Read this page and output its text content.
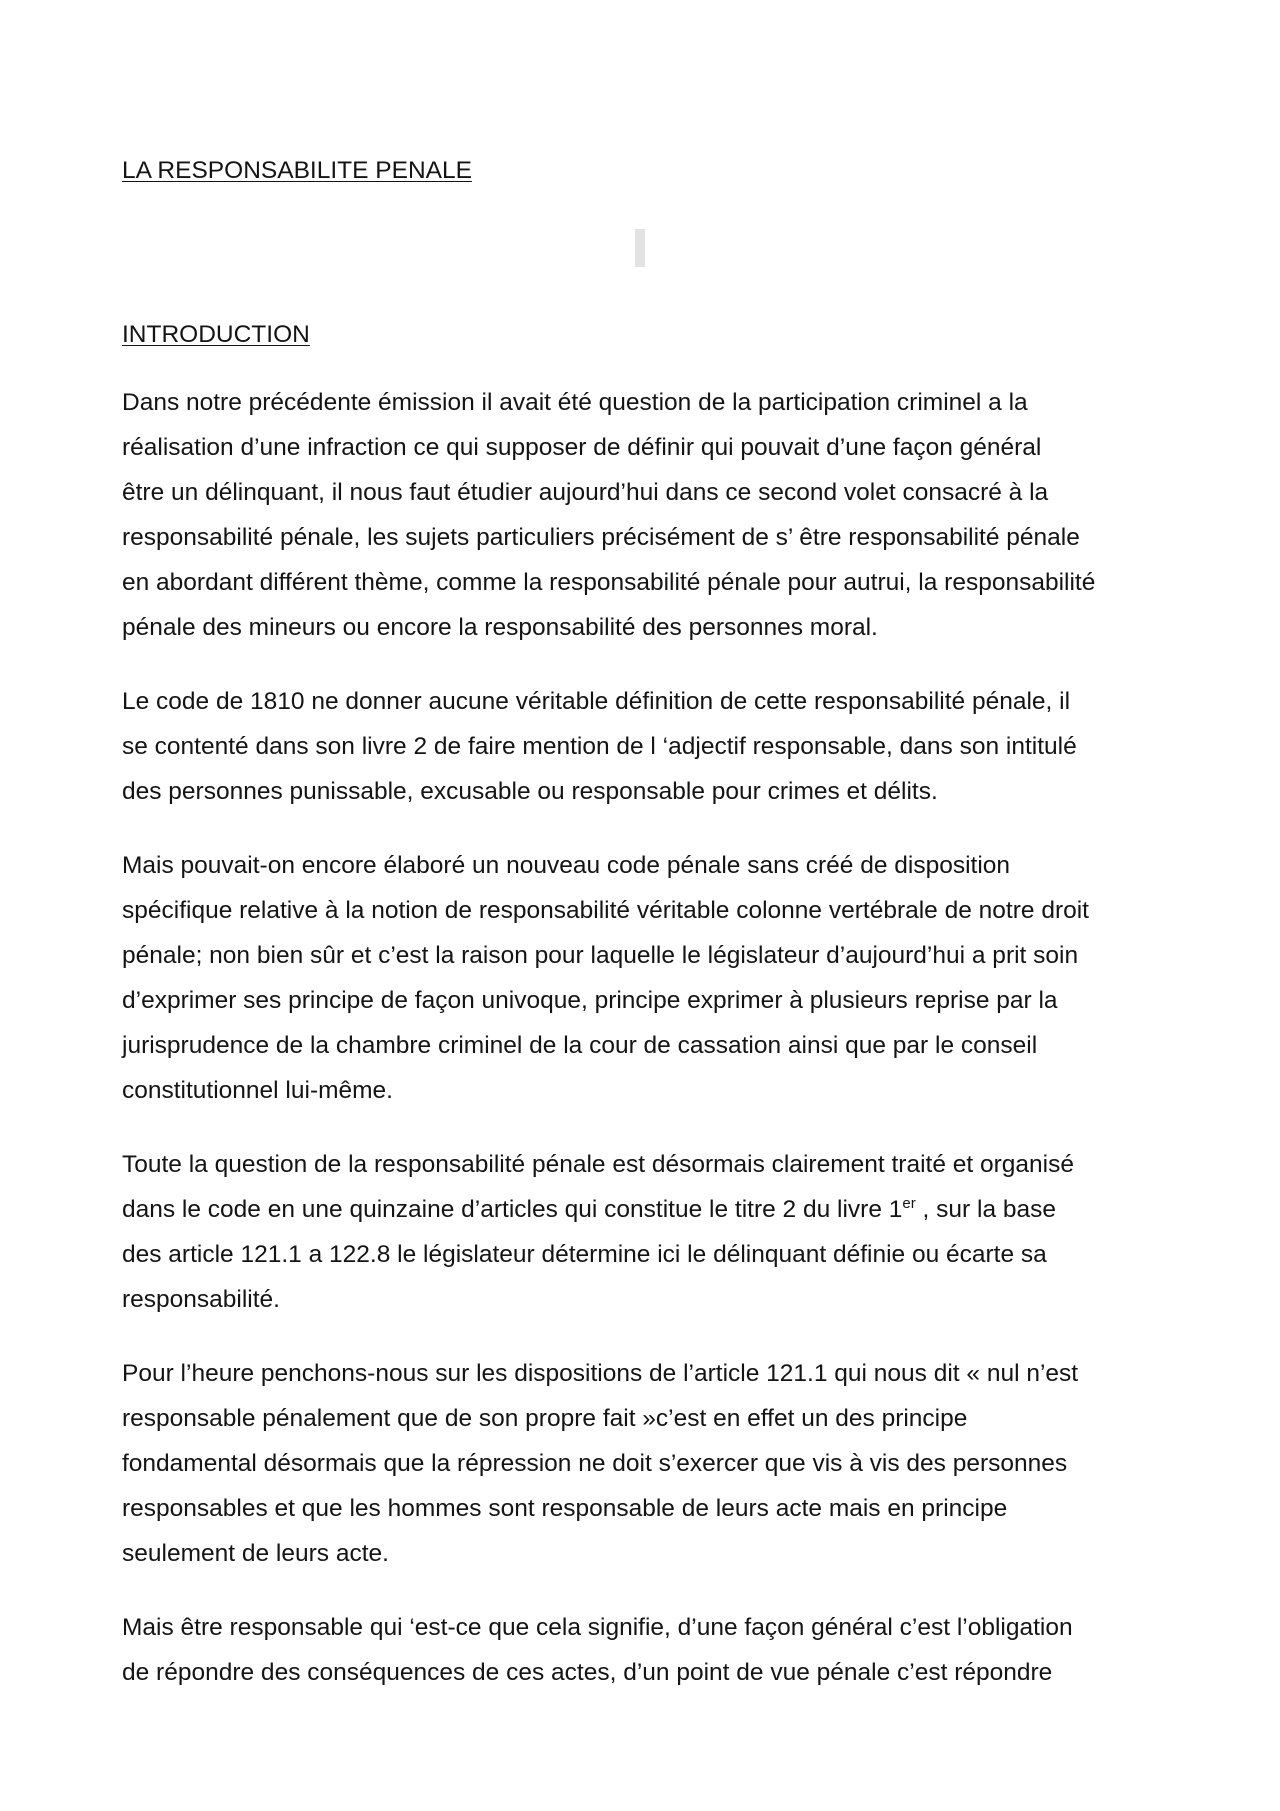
LA RESPONSABILITE PENALE
INTRODUCTION

Dans notre précédente émission il avait été question de la participation criminel a la
réalisation d’une infraction ce qui supposer de définir qui pouvait d’une façon général
être un délinquant, il nous faut étudier aujourd’hui dans ce second volet consacré à la
responsabilité pénale, les sujets particuliers précisément de s’ être responsabilité pénale
en abordant différent thème, comme la responsabilité pénale pour autrui, la responsabilité
pénale des mineurs ou encore la responsabilité des personnes moral.

Le code de 1810 ne donner aucune véritable définition de cette responsabilité pénale, il
se contenté dans son livre 2 de faire mention de l ‘adjectif responsable, dans son intitulé
des personnes punissable, excusable ou responsable pour crimes et délits.

Mais pouvait-on encore élaboré un nouveau code pénale sans créé de disposition
spécifique relative à la notion de responsabilité véritable colonne vertébrale de notre droit
pénale; non bien sûr et c’est la raison pour laquelle le législateur d’aujourd’hui a prit soin
d’exprimer ses principe de façon univoque, principe exprimer à plusieurs reprise par la
jurisprudence de la chambre criminel de la cour de cassation ainsi que par le conseil
constitutionnel lui-même.

Toute la question de la responsabilité pénale est désormais clairement traité et organisé
dans le code en une quinzaine d’articles qui constitue le titre 2 du livre 1er , sur la base
des article 121.1 a 122.8 le législateur détermine ici le délinquant définie ou écarte sa
responsabilité.

Pour l’heure penchons-nous sur les dispositions de l’article 121.1 qui nous dit « nul n’est
responsable pénalement que de son propre fait »c’est en effet un des principe
fondamental désormais que la répression ne doit s’exercer que vis à vis des personnes
responsables et que les hommes sont responsable de leurs acte mais en principe
seulement de leurs acte.

Mais être responsable qui ‘est-ce que cela signifie, d’une façon général c’est l’obligation
de répondre des conséquences de ces actes, d’un point de vue pénale c’est répondre
